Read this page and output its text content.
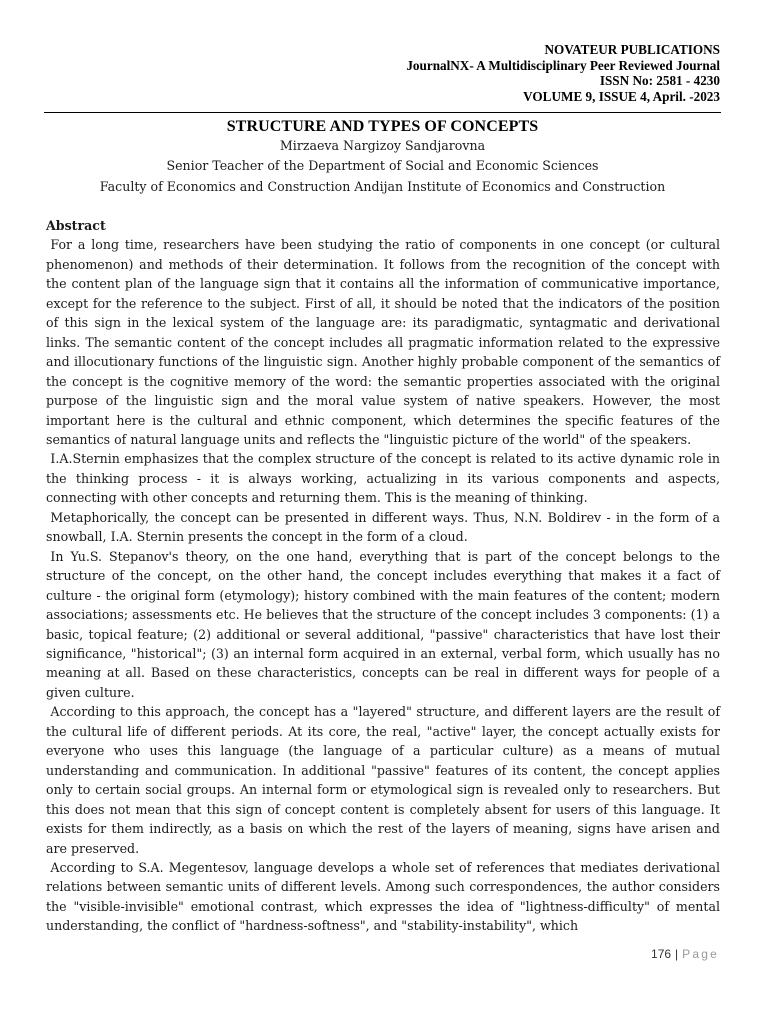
NOVATEUR PUBLICATIONS
JournalNX- A Multidisciplinary Peer Reviewed Journal
ISSN No: 2581 - 4230
VOLUME 9, ISSUE 4, April. -2023
STRUCTURE AND TYPES OF CONCEPTS
Mirzaeva Nargizoy Sandjarovna
Senior Teacher of the Department of Social and Economic Sciences
Faculty of Economics and Construction Andijan Institute of Economics and Construction
Abstract

For a long time, researchers have been studying the ratio of components in one concept (or cultural phenomenon) and methods of their determination. It follows from the recognition of the concept with the content plan of the language sign that it contains all the information of communicative importance, except for the reference to the subject. First of all, it should be noted that the indicators of the position of this sign in the lexical system of the language are: its paradigmatic, syntagmatic and derivational links. The semantic content of the concept includes all pragmatic information related to the expressive and illocutionary functions of the linguistic sign. Another highly probable component of the semantics of the concept is the cognitive memory of the word: the semantic properties associated with the original purpose of the linguistic sign and the moral value system of native speakers. However, the most important here is the cultural and ethnic component, which determines the specific features of the semantics of natural language units and reflects the "linguistic picture of the world" of the speakers.

I.A.Sternin emphasizes that the complex structure of the concept is related to its active dynamic role in the thinking process - it is always working, actualizing in its various components and aspects, connecting with other concepts and returning them. This is the meaning of thinking.

Metaphorically, the concept can be presented in different ways. Thus, N.N. Boldirev - in the form of a snowball, I.A. Sternin presents the concept in the form of a cloud.

In Yu.S. Stepanov's theory, on the one hand, everything that is part of the concept belongs to the structure of the concept, on the other hand, the concept includes everything that makes it a fact of culture - the original form (etymology); history combined with the main features of the content; modern associations; assessments etc. He believes that the structure of the concept includes 3 components: (1) a basic, topical feature; (2) additional or several additional, "passive" characteristics that have lost their significance, "historical"; (3) an internal form acquired in an external, verbal form, which usually has no meaning at all. Based on these characteristics, concepts can be real in different ways for people of a given culture.

According to this approach, the concept has a "layered" structure, and different layers are the result of the cultural life of different periods. At its core, the real, "active" layer, the concept actually exists for everyone who uses this language (the language of a particular culture) as a means of mutual understanding and communication. In additional "passive" features of its content, the concept applies only to certain social groups. An internal form or etymological sign is revealed only to researchers. But this does not mean that this sign of concept content is completely absent for users of this language. It exists for them indirectly, as a basis on which the rest of the layers of meaning, signs have arisen and are preserved.

According to S.A. Megentesov, language develops a whole set of references that mediates derivational relations between semantic units of different levels. Among such correspondences, the author considers the "visible-invisible" emotional contrast, which expresses the idea of "lightness-difficulty" of mental understanding, the conflict of "hardness-softness", and "stability-instability", which

176 | Page
